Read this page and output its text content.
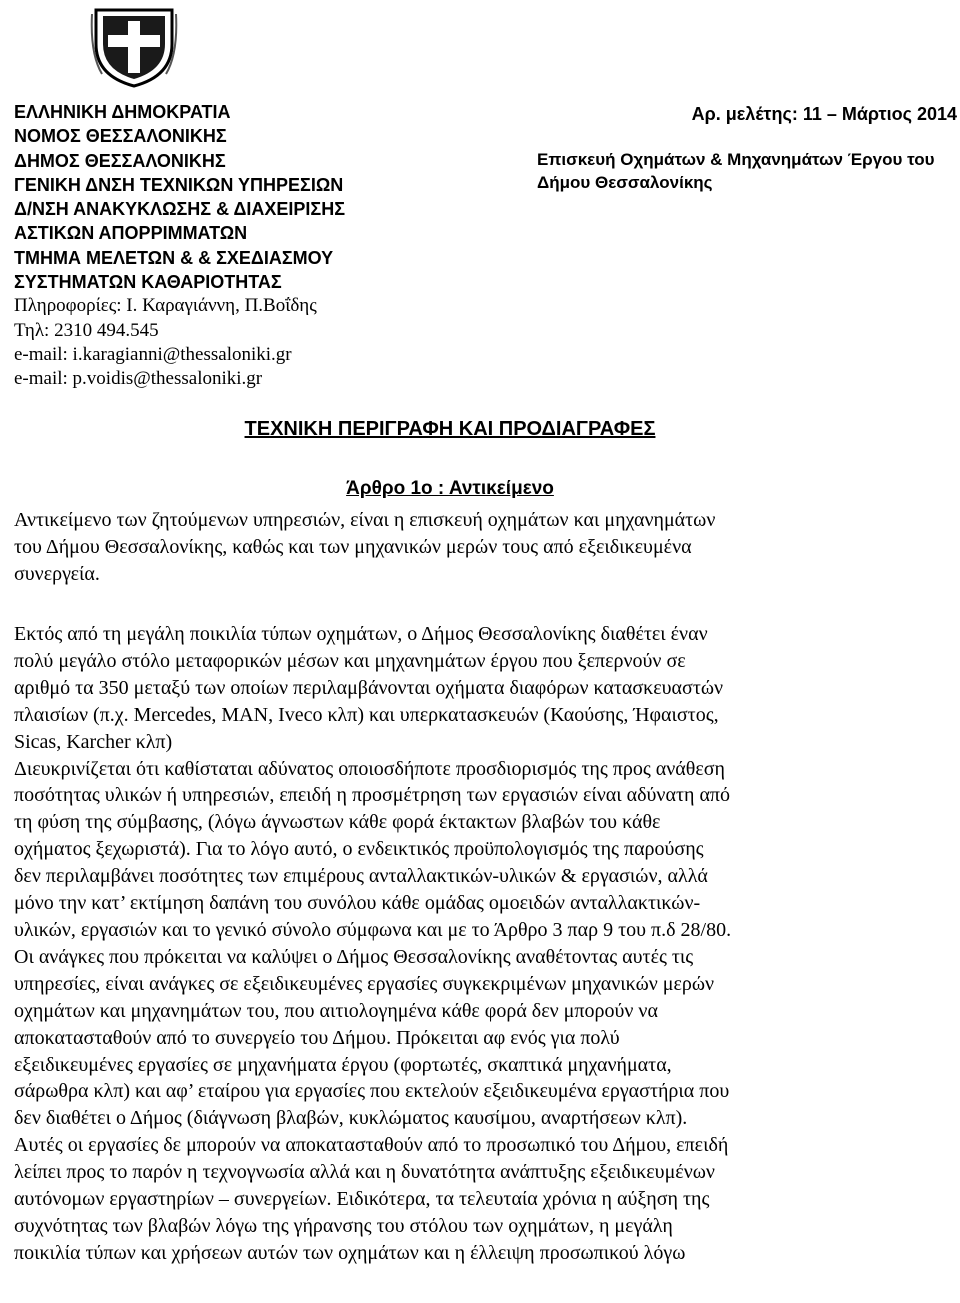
ΕΛΛΗΝΙΚΗ ΔΗΜΟΚΡΑΤΙΑ
ΝΟΜΟΣ ΘΕΣΣΑΛΟΝΙΚΗΣ
ΔΗΜΟΣ ΘΕΣΣΑΛΟΝΙΚΗΣ
ΓΕΝΙΚΗ ΔΝΣΗ ΤΕΧΝΙΚΩΝ ΥΠΗΡΕΣΙΩΝ
Δ/ΝΣΗ ΑΝΑΚΥΚΛΩΣΗΣ & ΔΙΑΧΕΙΡΙΣΗΣ
ΑΣΤΙΚΩΝ ΑΠΟΡΡΙΜΜΑΤΩΝ
ΤΜΗΜΑ ΜΕΛΕΤΩΝ & & ΣΧΕΔΙΑΣΜΟΥ
ΣΥΣΤΗΜΑΤΩΝ ΚΑΘΑΡΙΟΤΗΤΑΣ
Πληροφορίες: Ι. Καραγιάννη, Π.Βοΐδης
Τηλ: 2310 494.545
e-mail: i.karagianni@thessaloniki.gr
e-mail: p.voidis@thessaloniki.gr
Αρ. μελέτης: 11 – Μάρτιος 2014
Επισκευή Οχημάτων & Μηχανημάτων Έργου του Δήμου Θεσσαλονίκης
ΤΕΧΝΙΚΗ ΠΕΡΙΓΡΑΦΗ ΚΑΙ ΠΡΟΔΙΑΓΡΑΦΕΣ
Άρθρο 1ο : Αντικείμενο
Αντικείμενο των ζητούμενων υπηρεσιών, είναι η επισκευή οχημάτων και μηχανημάτων
του Δήμου Θεσσαλονίκης, καθώς και των μηχανικών μερών τους από εξειδικευμένα
συνεργεία.
Εκτός από τη μεγάλη ποικιλία τύπων οχημάτων, ο Δήμος Θεσσαλονίκης διαθέτει έναν
πολύ μεγάλο στόλο μεταφορικών μέσων και μηχανημάτων έργου που ξεπερνούν σε
αριθμό τα 350 μεταξύ των οποίων περιλαμβάνονται οχήματα διαφόρων κατασκευαστών
πλαισίων (π.χ. Mercedes, MAN, Iveco κλπ) και υπερκατασκευών (Καούσης, Ήφαιστος,
Sicas, Karcher κλπ)
Διευκρινίζεται ότι καθίσταται αδύνατος οποιοσδήποτε προσδιορισμός της προς ανάθεση
ποσότητας υλικών ή υπηρεσιών, επειδή η προσμέτρηση των εργασιών είναι αδύνατη από
τη φύση της σύμβασης, (λόγω άγνωστων κάθε φορά έκτακτων βλαβών του κάθε
οχήματος ξεχωριστά). Για το λόγο αυτό, ο ενδεικτικός προϋπολογισμός της παρούσης
δεν περιλαμβάνει ποσότητες των επιμέρους ανταλλακτικών-υλικών & εργασιών, αλλά
μόνο την κατ’ εκτίμηση δαπάνη του συνόλου κάθε ομάδας ομοειδών ανταλλακτικών-
υλικών, εργασιών και το γενικό σύνολο σύμφωνα και με το Άρθρο 3 παρ 9 του π.δ 28/80.
Οι ανάγκες που πρόκειται να καλύψει ο Δήμος Θεσσαλονίκης αναθέτοντας αυτές τις
υπηρεσίες, είναι ανάγκες σε εξειδικευμένες εργασίες συγκεκριμένων μηχανικών μερών
οχημάτων και μηχανημάτων του, που αιτιολογημένα κάθε φορά δεν μπορούν να
αποκατασταθούν από το συνεργείο του Δήμου. Πρόκειται αφ ενός για πολύ
εξειδικευμένες εργασίες σε μηχανήματα έργου (φορτωτές, σκαπτικά μηχανήματα,
σάρωθρα κλπ) και αφ’ εταίρου για εργασίες που εκτελούν εξειδικευμένα εργαστήρια που
δεν διαθέτει ο Δήμος (διάγνωση βλαβών, κυκλώματος καυσίμου, αναρτήσεων κλπ).
Αυτές οι εργασίες δε μπορούν να αποκατασταθούν από το προσωπικό του Δήμου, επειδή
λείπει προς το παρόν η τεχνογνωσία αλλά και η δυνατότητα ανάπτυξης εξειδικευμένων
αυτόνομων εργαστηρίων – συνεργείων. Ειδικότερα, τα τελευταία χρόνια η αύξηση της
συχνότητας των βλαβών λόγω της γήρανσης του στόλου των οχημάτων, η μεγάλη
ποικιλία τύπων και χρήσεων αυτών των οχημάτων και η έλλειψη προσωπικού λόγω
